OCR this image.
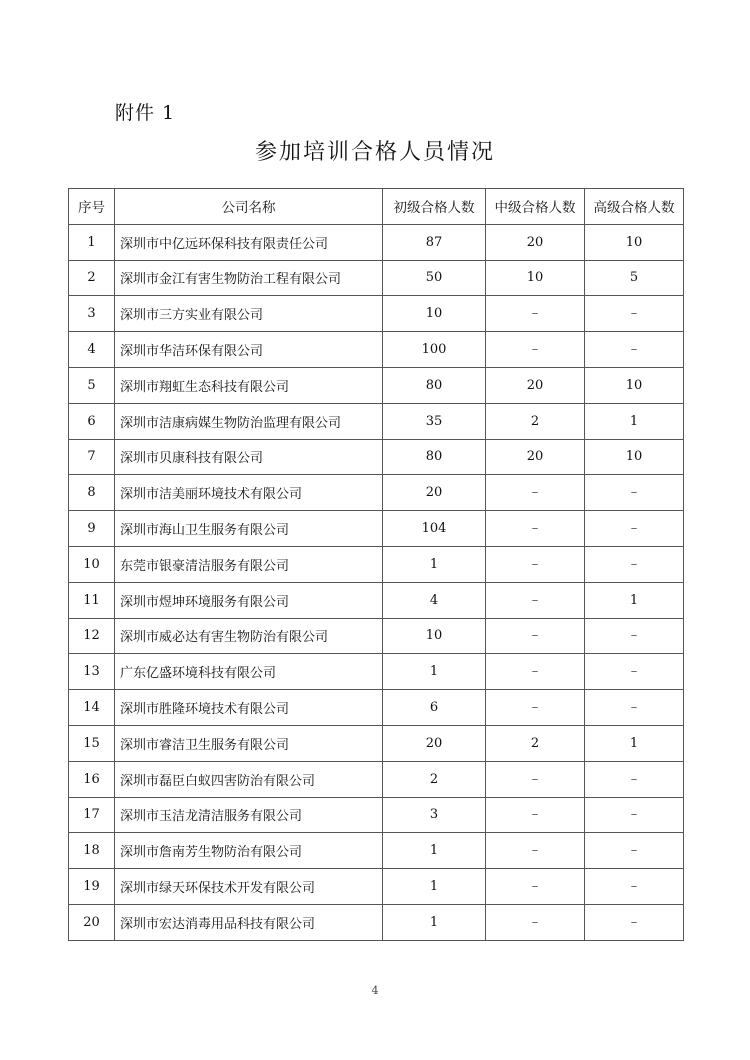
附件 1
参加培训合格人员情况
序号	公司名称	初级合格人数	中级合格人数	高级合格人数
1	深圳市中亿远环保科技有限责任公司	87	20	10
2	深圳市金江有害生物防治工程有限公司	50	10	5
3	深圳市三方实业有限公司	10	–	–
4	深圳市华洁环保有限公司	100	–	–
5	深圳市翔虹生态科技有限公司	80	20	10
6	深圳市洁康病媒生物防治监理有限公司	35	2	1
7	深圳市贝康科技有限公司	80	20	10
8	深圳市洁美丽环境技术有限公司	20	–	–
9	深圳市海山卫生服务有限公司	104	–	–
10	东莞市银豪清洁服务有限公司	1	–	–
11	深圳市煜坤环境服务有限公司	4	–	1
12	深圳市威必达有害生物防治有限公司	10	–	–
13	广东亿盛环境科技有限公司	1	–	–
14	深圳市胜隆环境技术有限公司	6	–	–
15	深圳市睿洁卫生服务有限公司	20	2	1
16	深圳市磊臣白蚁四害防治有限公司	2	–	–
17	深圳市玉洁龙清洁服务有限公司	3	–	–
18	深圳市詹南芳生物防治有限公司	1	–	–
19	深圳市绿天环保技术开发有限公司	1	–	–
20	深圳市宏达消毒用品科技有限公司	1	–	–
4
